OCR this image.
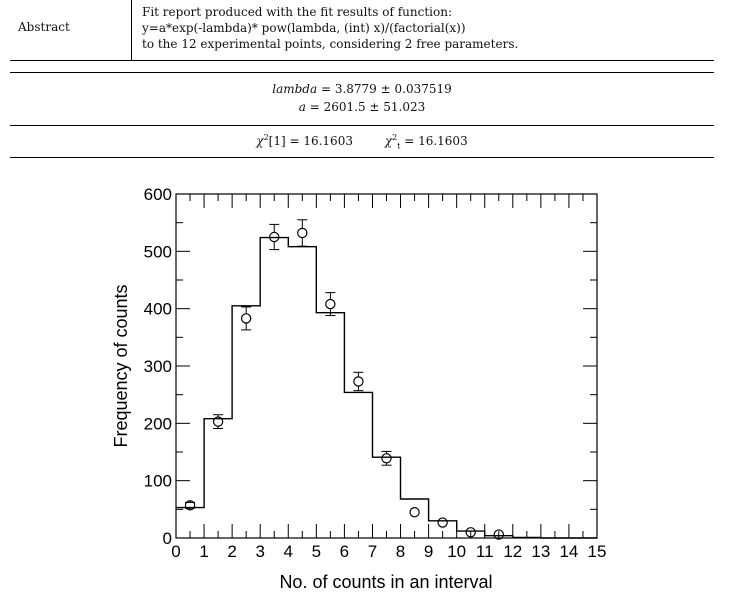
Abstract
Fit report produced with the fit results of function:
y=a*exp(-lambda)* pow(lambda, (int) x)/(factorial(x))
to the 12 experimental points, considering 2 free parameters.
lambda = 3.8779 ± 0.037519
a = 2601.5 ± 51.023
$\chi^2[1] = 16.1603$	$\chi^2_t = 16.1603$
0 1 2 3 4 5 6 7 8 9 10 11 12 13 14 15
0
100
200
300
400
500
600
No. of counts in an interval
Frequency of counts
